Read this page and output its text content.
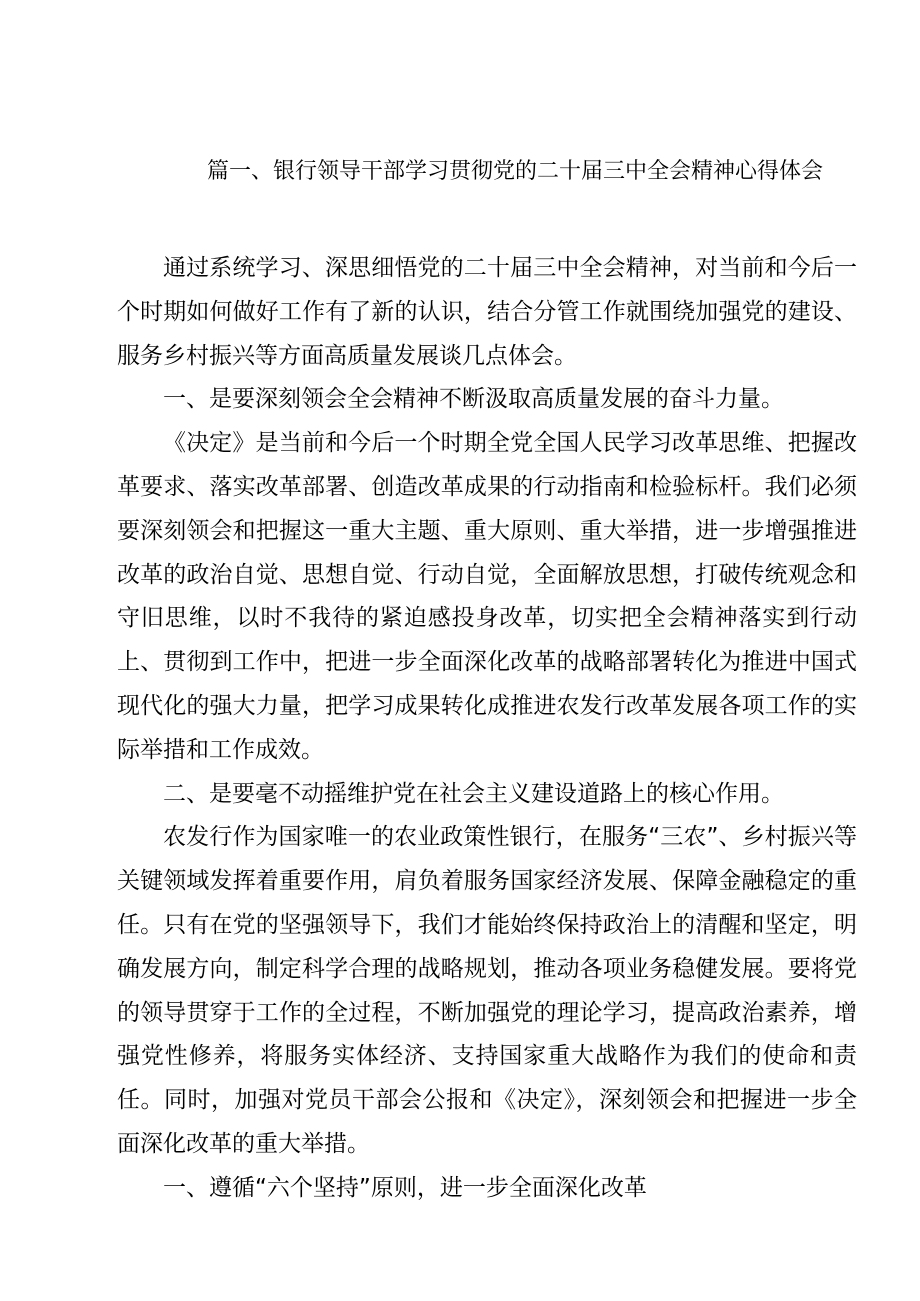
篇一、银行领导干部学习贯彻党的二十届三中全会精神心得体会

通过系统学习、深思细悟党的二十届三中全会精神，对当前和今后一个时期如何做好工作有了新的认识，结合分管工作就围绕加强党的建设、服务乡村振兴等方面高质量发展谈几点体会。

一、是要深刻领会全会精神不断汲取高质量发展的奋斗力量。

《决定》是当前和今后一个时期全党全国人民学习改革思维、把握改革要求、落实改革部署、创造改革成果的行动指南和检验标杆。我们必须要深刻领会和把握这一重大主题、重大原则、重大举措，进一步增强推进改革的政治自觉、思想自觉、行动自觉，全面解放思想，打破传统观念和守旧思维，以时不我待的紧迫感投身改革，切实把全会精神落实到行动上、贯彻到工作中，把进一步全面深化改革的战略部署转化为推进中国式现代化的强大力量，把学习成果转化成推进农发行改革发展各项工作的实际举措和工作成效。

二、是要毫不动摇维护党在社会主义建设道路上的核心作用。

农发行作为国家唯一的农业政策性银行，在服务“三农”、乡村振兴等关键领域发挥着重要作用，肩负着服务国家经济发展、保障金融稳定的重任。只有在党的坚强领导下，我们才能始终保持政治上的清醒和坚定，明确发展方向，制定科学合理的战略规划，推动各项业务稳健发展。要将党的领导贯穿于工作的全过程，不断加强党的理论学习，提高政治素养，增强党性修养，将服务实体经济、支持国家重大战略作为我们的使命和责任。同时，加强对党员干部会公报和《决定》，深刻领会和把握进一步全面深化改革的重大举措。

一、遵循“六个坚持”原则，进一步全面深化改革
